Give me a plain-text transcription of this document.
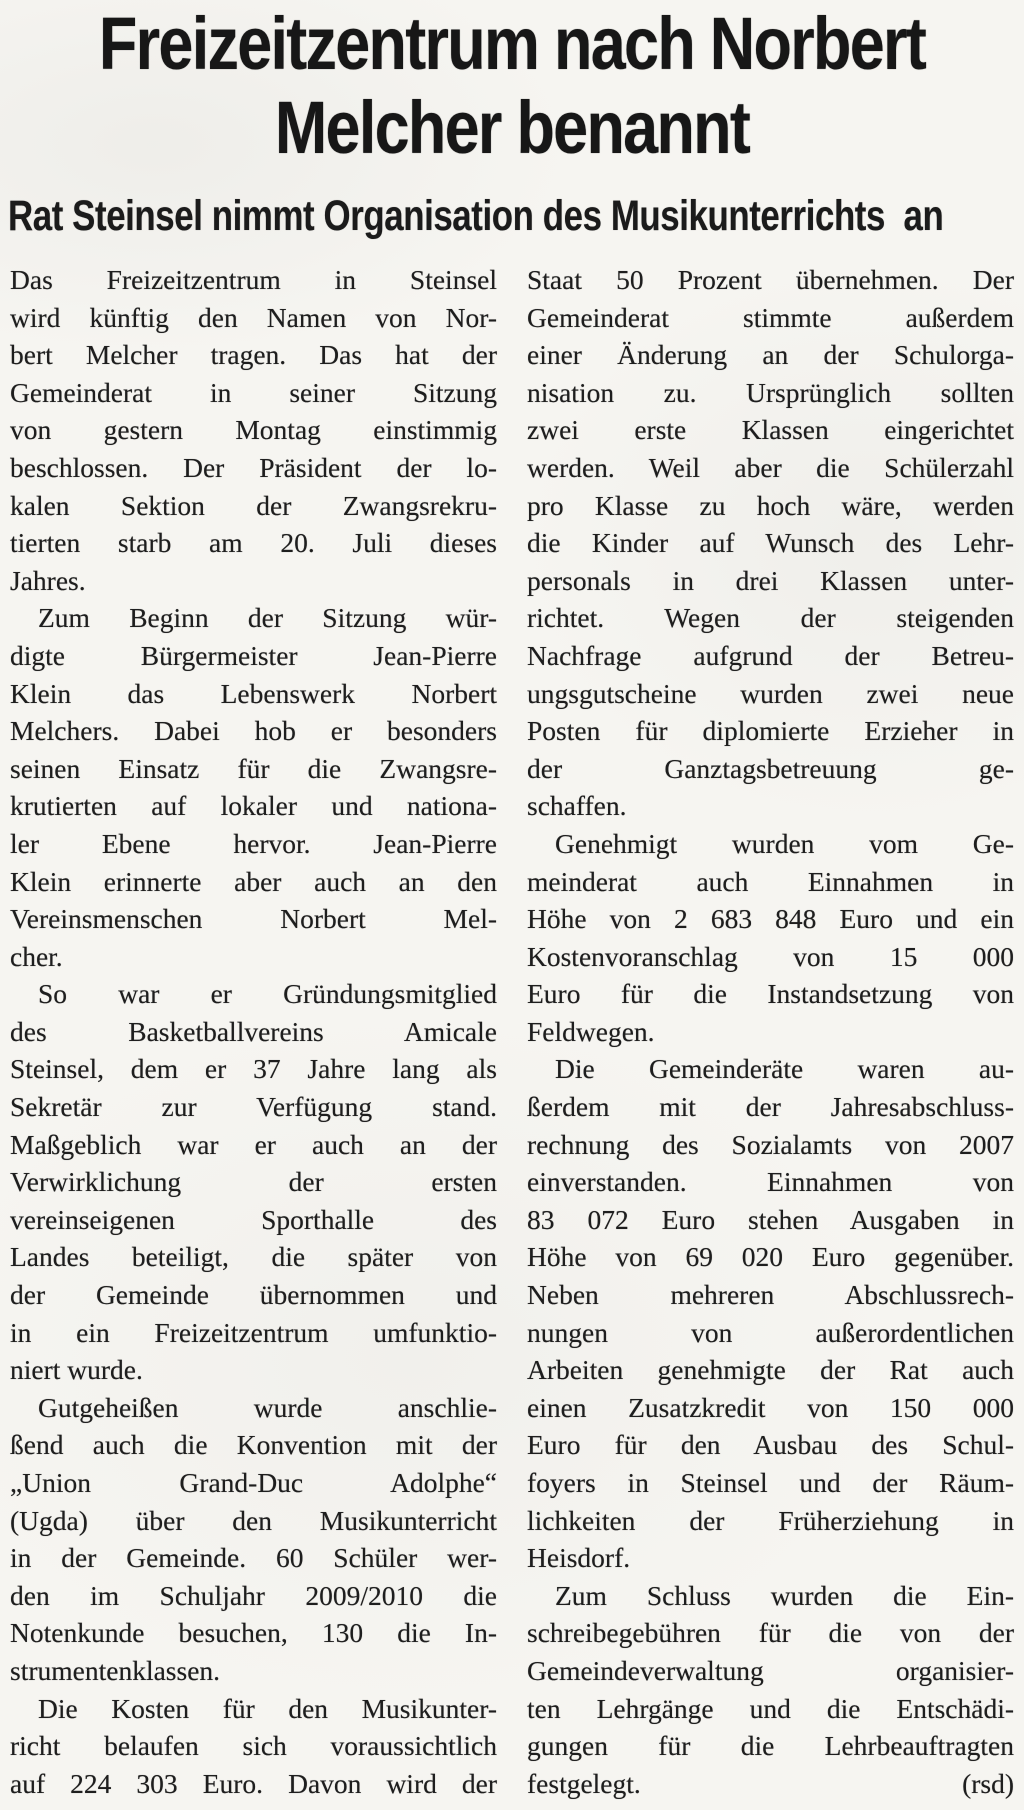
Freizeitzentrum nach Norbert
Melcher benannt
Rat Steinsel nimmt Organisation des Musikunterrichts  an
Das Freizeitzentrum in Steinsel
wird künftig den Namen von Nor-
bert Melcher tragen. Das hat der
Gemeinderat in seiner Sitzung
von gestern Montag einstimmig
beschlossen. Der Präsident der lo-
kalen Sektion der Zwangsrekru-
tierten starb am 20. Juli dieses
Jahres.
Zum Beginn der Sitzung wür-
digte Bürgermeister Jean-Pierre
Klein das Lebenswerk Norbert
Melchers. Dabei hob er besonders
seinen Einsatz für die Zwangsre-
krutierten auf lokaler und nationa-
ler Ebene hervor. Jean-Pierre
Klein erinnerte aber auch an den
Vereinsmenschen Norbert Mel-
cher.
So war er Gründungsmitglied
des Basketballvereins Amicale
Steinsel, dem er 37 Jahre lang als
Sekretär zur Verfügung stand.
Maßgeblich war er auch an der
Verwirklichung der ersten
vereinseigenen Sporthalle des
Landes beteiligt, die später von
der Gemeinde übernommen und
in ein Freizeitzentrum umfunktio-
niert wurde.
Gutgeheißen wurde anschlie-
ßend auch die Konvention mit der
„Union Grand-Duc Adolphe“
(Ugda) über den Musikunterricht
in der Gemeinde. 60 Schüler wer-
den im Schuljahr 2009/2010 die
Notenkunde besuchen, 130 die In-
strumentenklassen.
Die Kosten für den Musikunter-
richt belaufen sich voraussichtlich
auf 224 303 Euro. Davon wird der
Staat 50 Prozent übernehmen. Der
Gemeinderat stimmte außerdem
einer Änderung an der Schulorga-
nisation zu. Ursprünglich sollten
zwei erste Klassen eingerichtet
werden. Weil aber die Schülerzahl
pro Klasse zu hoch wäre, werden
die Kinder auf Wunsch des Lehr-
personals in drei Klassen unter-
richtet. Wegen der steigenden
Nachfrage aufgrund der Betreu-
ungsgutscheine wurden zwei neue
Posten für diplomierte Erzieher in
der Ganztagsbetreuung ge-
schaffen.
Genehmigt wurden vom Ge-
meinderat auch Einnahmen in
Höhe von 2 683 848 Euro und ein
Kostenvoranschlag von 15 000
Euro für die Instandsetzung von
Feldwegen.
Die Gemeinderäte waren au-
ßerdem mit der Jahresabschluss-
rechnung des Sozialamts von 2007
einverstanden. Einnahmen von
83 072 Euro stehen Ausgaben in
Höhe von 69 020 Euro gegenüber.
Neben mehreren Abschlussrech-
nungen von außerordentlichen
Arbeiten genehmigte der Rat auch
einen Zusatzkredit von 150 000
Euro für den Ausbau des Schul-
foyers in Steinsel und der Räum-
lichkeiten der Früherziehung in
Heisdorf.
Zum Schluss wurden die Ein-
schreibegebühren für die von der
Gemeindeverwaltung organisier-
ten Lehrgänge und die Entschädi-
gungen für die Lehrbeauftragten
festgelegt.	(rsd)
